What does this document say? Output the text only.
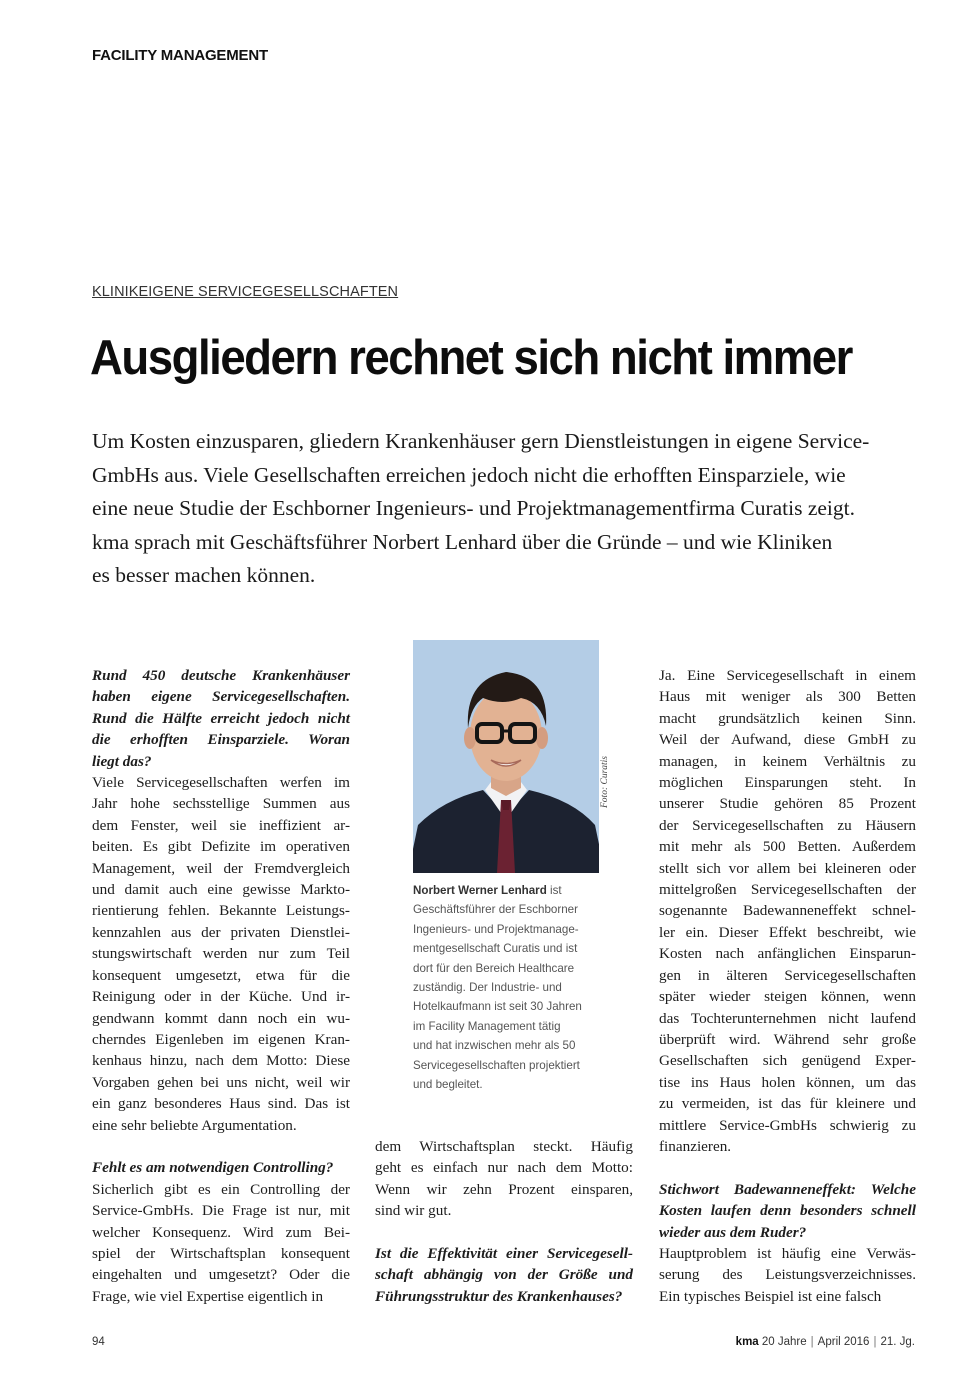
FACILITY MANAGEMENT
KLINIKEIGENE SERVICEGESELLSCHAFTEN
Ausgliedern rechnet sich nicht immer
Um Kosten einzusparen, gliedern Krankenhäuser gern Dienstleistungen in eigene Service-
GmbHs aus. Viele Gesellschaften erreichen jedoch nicht die erhofften Einsparziele, wie
eine neue Studie der Eschborner Ingenieurs- und Projektmanagementfirma Curatis zeigt.
kma sprach mit Geschäftsführer Norbert Lenhard über die Gründe – und wie Kliniken
es besser machen können.

Rund 450 deutsche Krankenhäuser
haben eigene Servicegesellschaften.
Rund die Hälfte erreicht jedoch nicht
die erhofften Einsparziele. Woran
liegt das?

Viele Servicegesellschaften werfen im
Jahr hohe sechsstellige Summen aus
dem Fenster, weil sie ineffizient ar-
beiten. Es gibt Defizite im operativen
Management, weil der Fremdvergleich
und damit auch eine gewisse Markto-
rientierung fehlen. Bekannte Leistungs-
kennzahlen aus der privaten Dienstlei-
stungswirtschaft werden nur zum Teil
konsequent umgesetzt, etwa für die
Reinigung oder in der Küche. Und ir-
gendwann kommt dann noch ein wu-
cherndes Eigenleben im eigenen Kran-
kenhaus hinzu, nach dem Motto: Diese
Vorgaben gehen bei uns nicht, weil wir
ein ganz besonderes Haus sind. Das ist
eine sehr beliebte Argumentation.

Fehlt es am notwendigen Controlling?

Sicherlich gibt es ein Controlling der
Service-GmbHs. Die Frage ist nur, mit
welcher Konsequenz. Wird zum Bei-
spiel der Wirtschaftsplan konsequent
eingehalten und umgesetzt? Oder die
Frage, wie viel Expertise eigentlich in

Foto: Curatis

Norbert Werner Lenhard ist
Geschäftsführer der Eschborner
Ingenieurs- und Projektmanage-
mentgesellschaft Curatis und ist
dort für den Bereich Healthcare
zuständig. Der Industrie- und
Hotelkaufmann ist seit 30 Jahren
im Facility Management tätig
und hat inzwischen mehr als 50
Servicegesellschaften projektiert
und begleitet.

dem Wirtschaftsplan steckt. Häufig
geht es einfach nur nach dem Motto:
Wenn wir zehn Prozent einsparen,
sind wir gut.

Ist die Effektivität einer Servicegesell-
schaft abhängig von der Größe und
Führungsstruktur des Krankenhauses?

Ja. Eine Servicegesellschaft in einem
Haus mit weniger als 300 Betten
macht grundsätzlich keinen Sinn.
Weil der Aufwand, diese GmbH zu
managen, in keinem Verhältnis zu
möglichen Einsparungen steht. In
unserer Studie gehören 85 Prozent
der Servicegesellschaften zu Häusern
mit mehr als 500 Betten. Außerdem
stellt sich vor allem bei kleineren oder
mittelgroßen Servicegesellschaften der
sogenannte Badewanneneffekt schnel-
ler ein. Dieser Effekt beschreibt, wie
Kosten nach anfänglichen Einsparun-
gen in älteren Servicegesellschaften
später wieder steigen können, wenn
das Tochterunternehmen nicht laufend
überprüft wird. Während sehr große
Gesellschaften sich genügend Exper-
tise ins Haus holen können, um das
zu vermeiden, ist das für kleinere und
mittlere Service-GmbHs schwierig zu
finanzieren.

Stichwort Badewanneneffekt: Welche
Kosten laufen denn besonders schnell
wieder aus dem Ruder?

Hauptproblem ist häufig eine Verwäs-
serung des Leistungsverzeichnisses.
Ein typisches Beispiel ist eine falsch

94	kma 20 Jahre | April 2016 | 21. Jg.
